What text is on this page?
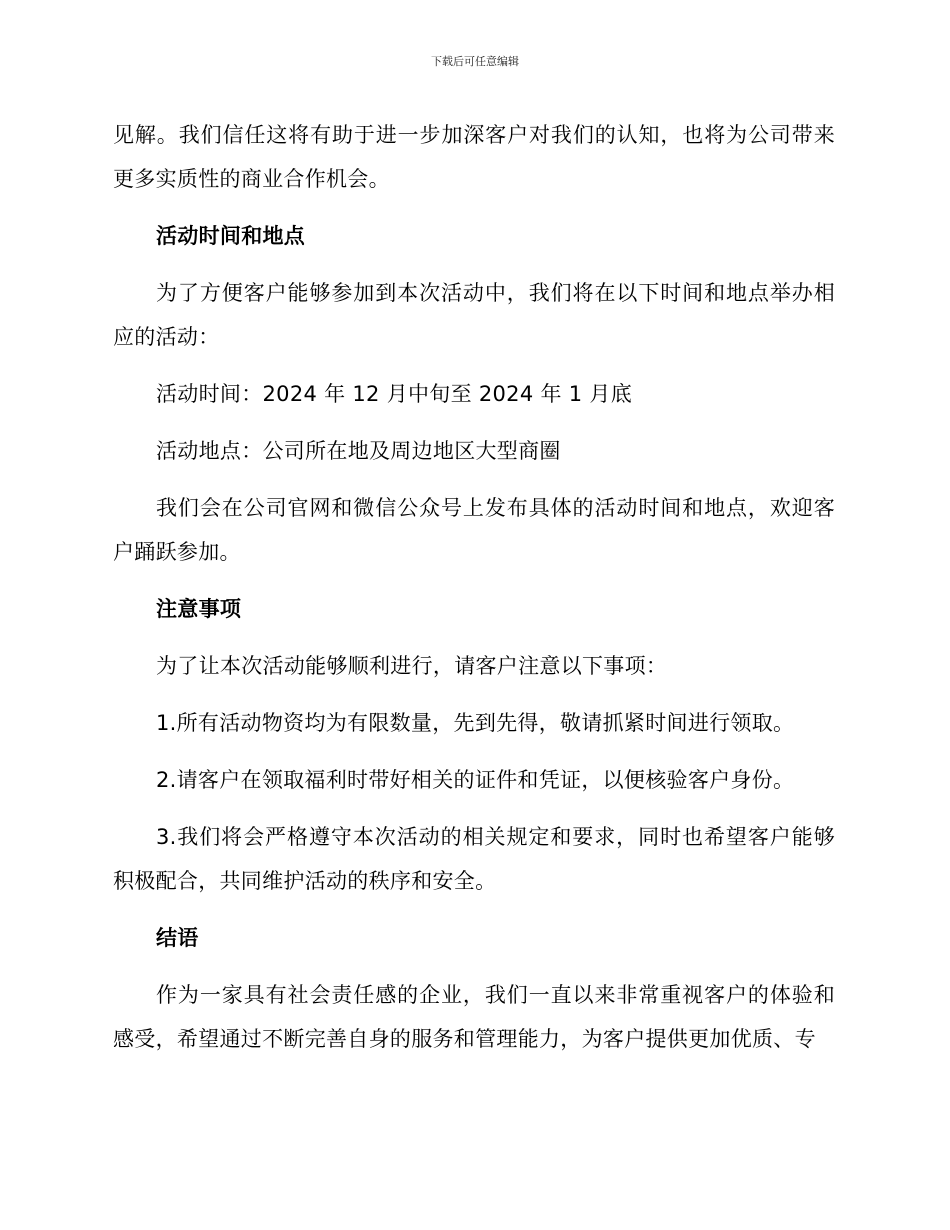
下载后可任意编辑

见解。我们信任这将有助于进一步加深客户对我们的认知，也将为公司带来更多实质性的商业合作机会。

活动时间和地点

为了方便客户能够参加到本次活动中，我们将在以下时间和地点举办相应的活动：

活动时间：2024 年 12 月中旬至 2024 年 1 月底

活动地点：公司所在地及周边地区大型商圈

我们会在公司官网和微信公众号上发布具体的活动时间和地点，欢迎客户踊跃参加。

注意事项

为了让本次活动能够顺利进行，请客户注意以下事项：

1.所有活动物资均为有限数量，先到先得，敬请抓紧时间进行领取。

2.请客户在领取福利时带好相关的证件和凭证，以便核验客户身份。

3.我们将会严格遵守本次活动的相关规定和要求，同时也希望客户能够积极配合，共同维护活动的秩序和安全。

结语

作为一家具有社会责任感的企业，我们一直以来非常重视客户的体验和感受，希望通过不断完善自身的服务和管理能力，为客户提供更加优质、专
